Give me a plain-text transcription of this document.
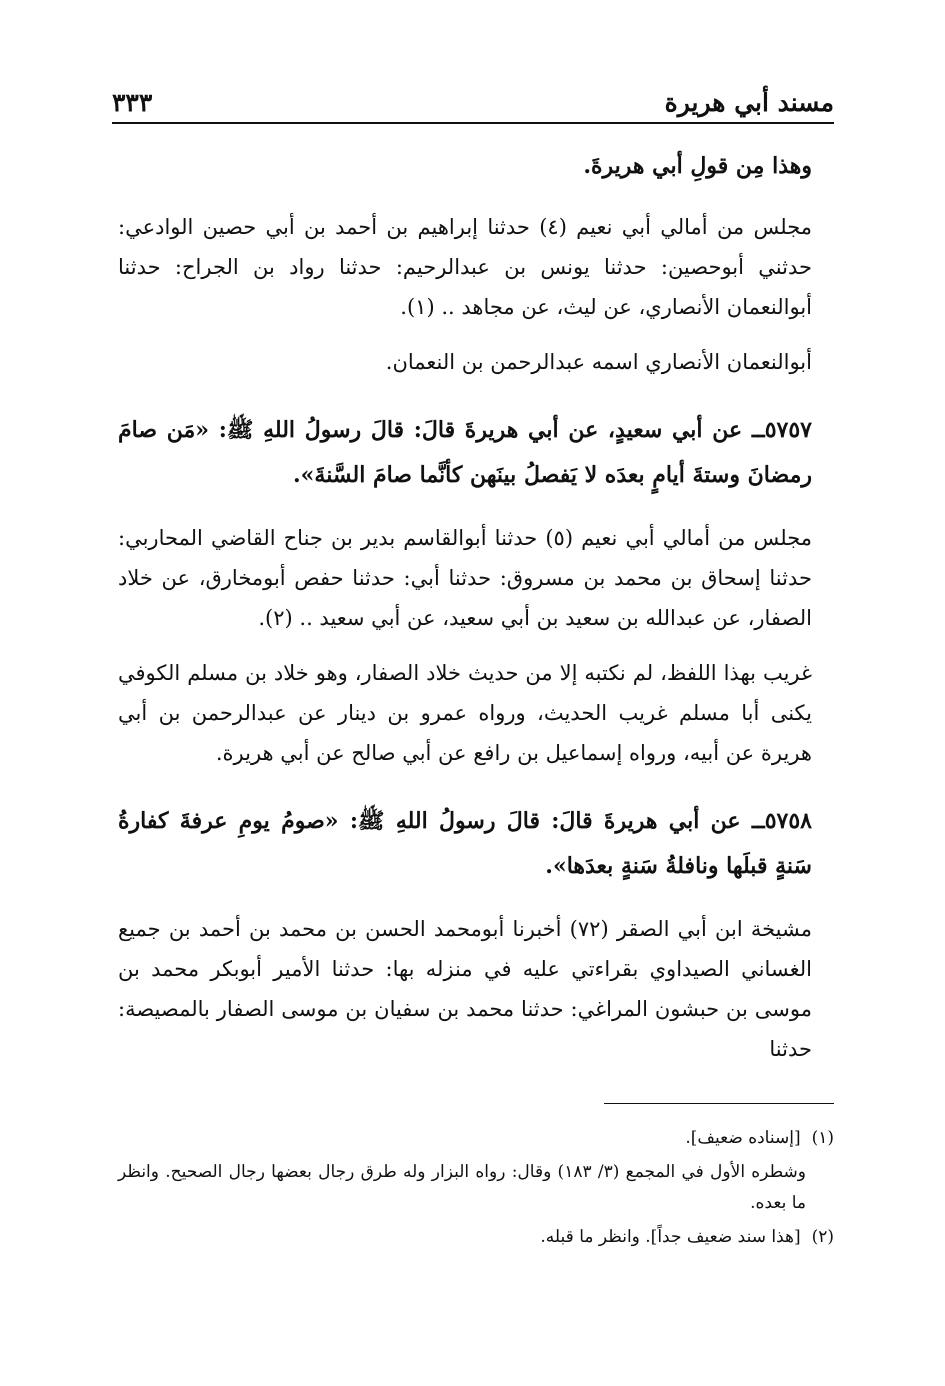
مسند أبي هريرة
٣٣٣

وهذا مِن قولِ أبي هريرةَ.

مجلس من أمالي أبي نعيم (٤) حدثنا إبراهيم بن أحمد بن أبي حصين الوادعي: حدثني أبوحصين: حدثنا يونس بن عبدالرحيم: حدثنا رواد بن الجراح: حدثنا أبوالنعمان الأنصاري، عن ليث، عن مجاهد .. (١).

أبوالنعمان الأنصاري اسمه عبدالرحمن بن النعمان.

٥٧٥٧ــ عن أبي سعيدٍ، عن أبي هريرةَ قالَ: قالَ رسولُ اللهِ ﷺ: «مَن صامَ رمضانَ وستةَ أيامٍ بعدَه لا يَفصلُ بينَهن كأنَّما صامَ السَّنةَ».

مجلس من أمالي أبي نعيم (٥) حدثنا أبوالقاسم بدير بن جناح القاضي المحاربي: حدثنا إسحاق بن محمد بن مسروق: حدثنا أبي: حدثنا حفص أبومخارق، عن خلاد الصفار، عن عبدالله بن سعيد بن أبي سعيد، عن أبي سعيد .. (٢).

غريب بهذا اللفظ، لم نكتبه إلا من حديث خلاد الصفار، وهو خلاد بن مسلم الكوفي يكنى أبا مسلم غريب الحديث، ورواه عمرو بن دينار عن عبدالرحمن بن أبي هريرة عن أبيه، ورواه إسماعيل بن رافع عن أبي صالح عن أبي هريرة.

٥٧٥٨ــ عن أبي هريرةَ قالَ: قالَ رسولُ اللهِ ﷺ: «صومُ يومِ عرفةَ كفارةُ سَنةٍ قبلَها ونافلةُ سَنةٍ بعدَها».

مشيخة ابن أبي الصقر (٧٢) أخبرنا أبومحمد الحسن بن محمد بن أحمد بن جميع الغساني الصيداوي بقراءتي عليه في منزله بها: حدثنا الأمير أبوبكر محمد بن موسى بن حبشون المراغي: حدثنا محمد بن سفيان بن موسى الصفار بالمصيصة: حدثنا

(١) [إسناده ضعيف].

وشطره الأول في المجمع (٣/ ١٨٣) وقال: رواه البزار وله طرق رجال بعضها رجال الصحيح. وانظر ما بعده.

(٢) [هذا سند ضعيف جداً]. وانظر ما قبله.
